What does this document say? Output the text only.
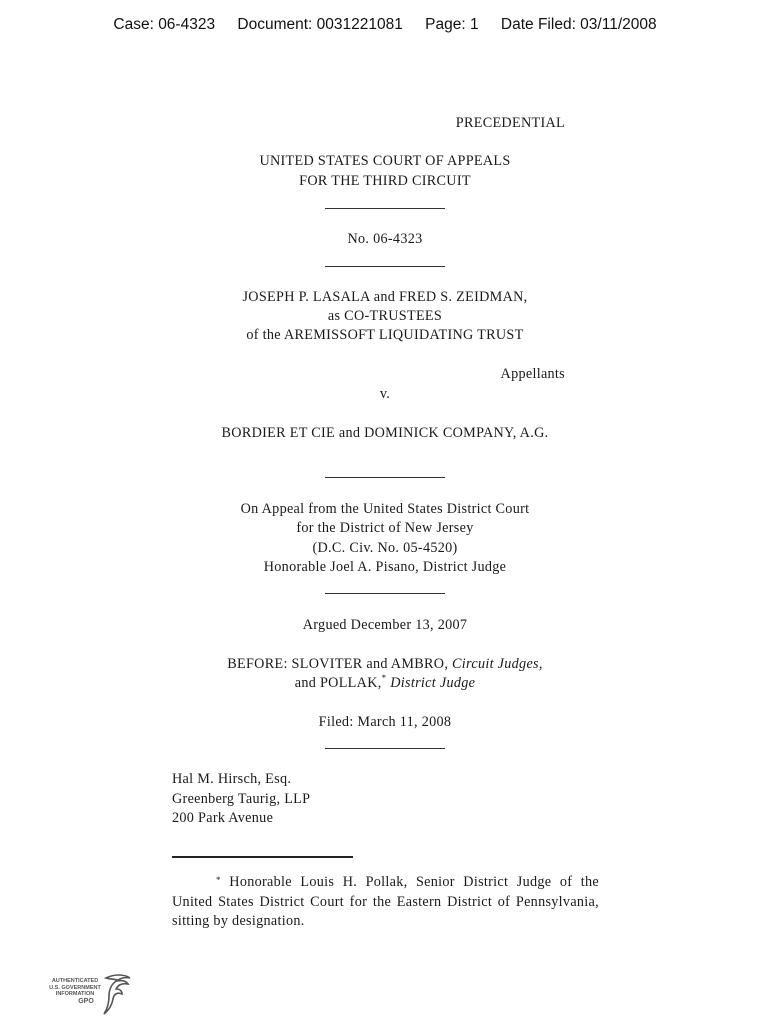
Case: 06-4323 Document: 0031221081 Page: 1 Date Filed: 03/11/2008
PRECEDENTIAL
UNITED STATES COURT OF APPEALS
FOR THE THIRD CIRCUIT
No. 06-4323
JOSEPH P. LASALA and FRED S. ZEIDMAN,
as CO-TRUSTEES
of the AREMISSOFT LIQUIDATING TRUST
Appellants
v.
BORDIER ET CIE and DOMINICK COMPANY, A.G.
On Appeal from the United States District Court
for the District of New Jersey
(D.C. Civ. No. 05-4520)
Honorable Joel A. Pisano, District Judge
Argued December 13, 2007
BEFORE: SLOVITER and AMBRO, Circuit Judges,
and POLLAK,* District Judge
Filed: March 11, 2008
Hal M. Hirsch, Esq.
Greenberg Taurig, LLP
200 Park Avenue
* Honorable Louis H. Pollak, Senior District Judge of the United States District Court for the Eastern District of Pennsylvania, sitting by designation.
AUTHENTICATED
U.S. GOVERNMENT
INFORMATION
GPO
